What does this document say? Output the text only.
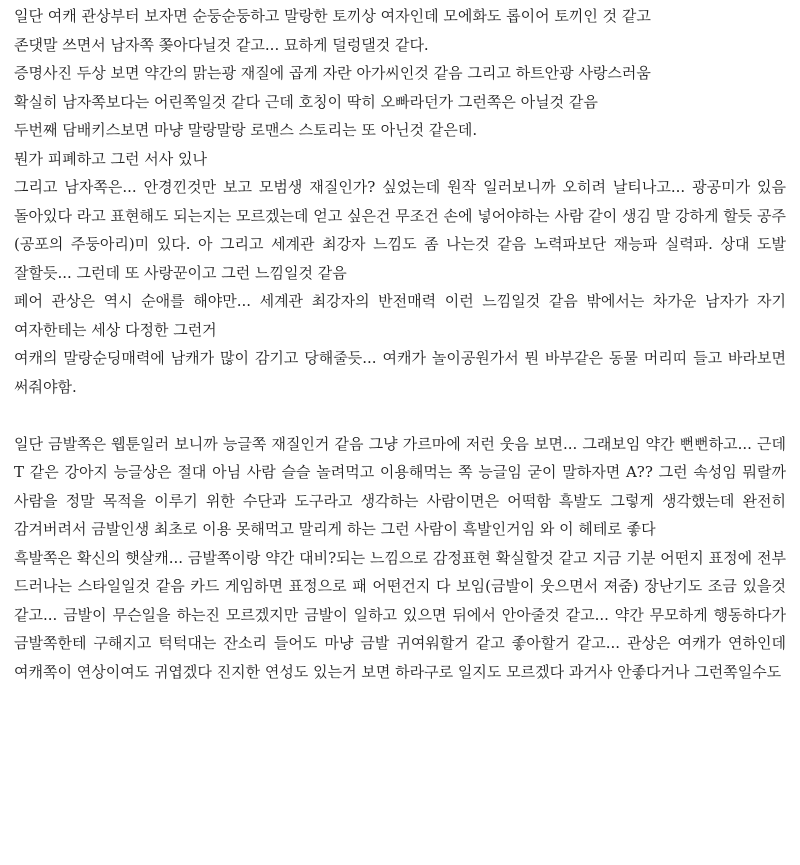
일단 여캐 관상부터 보자면 순둥순둥하고 말랑한 토끼상 여자인데 모에화도 롭이어 토끼인 것 같고

존댓말 쓰면서 남자쪽 쫒아다닐것 같고... 묘하게 덜렁댈것 같다.

증명사진 두상 보면 약간의 맑는광 재질에 곱게 자란 아가씨인것 같음 그리고 하트안광 사랑스러움

확실히 남자쪽보다는 어린쪽일것 같다 근데 호칭이 딱히 오빠라던가 그런쪽은 아닐것 같음

두번째 담배키스보면 마냥 말랑말랑 로맨스 스토리는 또 아닌것 같은데.

뭔가 피폐하고 그런 서사 있나

그리고 남자쪽은... 안경낀것만 보고 모범생 재질인가? 싶었는데 원작 일러보니까 오히려 날티나고... 광공미가 있음 돌아있다 라고 표현해도 되는지는 모르겠는데 얻고 싶은건 무조건 손에 넣어야하는 사람 같이 생김 말 강하게 할듯 공주(공포의 주둥아리)미 있다. 아 그리고 세계관 최강자 느낌도 좀 나는것 같음 노력파보단 재능파 실력파. 상대 도발 잘할듯... 그런데 또 사랑꾼이고 그런 느낌일것 같음

페어 관상은 역시 순애를 해야만... 세계관 최강자의 반전매력 이런 느낌일것 같음 밖에서는 차가운 남자가 자기 여자한테는 세상 다정한 그런거

여캐의 말랑순딩매력에 남캐가 많이 감기고 당해줄듯... 여캐가 놀이공원가서 뭔 바부같은 동물 머리띠 들고 바라보면 써줘야함.

일단 금발쪽은 웹툰일러 보니까 능글쪽 재질인거 같음 그냥 가르마에 저런 웃음 보면... 그래보임 약간 뻔뻔하고... 근데 T 같은 강아지 능글상은 절대 아님 사람 슬슬 놀려먹고 이용해먹는 쪽 능글임 굳이 말하자면 A?? 그런 속성임 뭐랄까 사람을 정말 목적을 이루기 위한 수단과 도구라고 생각하는 사람이면은 어떡함 흑발도 그렇게 생각했는데 완전히 감겨버려서 금발인생 최초로 이용 못해먹고 말리게 하는 그런 사람이 흑발인거임 와 이 헤테로 좋다

흑발쪽은 확신의 햇살캐... 금발쪽이랑 약간 대비?되는 느낌으로 감정표현 확실할것 같고 지금 기분 어떤지 표정에 전부 드러나는 스타일일것 같음 카드 게임하면 표정으로 패 어떤건지 다 보임(금발이 웃으면서 져줌) 장난기도 조금 있을것 같고... 금발이 무슨일을 하는진 모르겠지만 금발이 일하고 있으면 뒤에서 안아줄것 같고... 약간 무모하게 행동하다가 금발쪽한테 구해지고 턱턱대는 잔소리 들어도 마냥 금발 귀여워할거 같고 좋아할거 같고... 관상은 여캐가 연하인데 여캐쪽이 연상이여도 귀엽겠다 진지한 연성도 있는거 보면 하라구로 일지도 모르겠다 과거사 안좋다거나 그런쪽일수도
